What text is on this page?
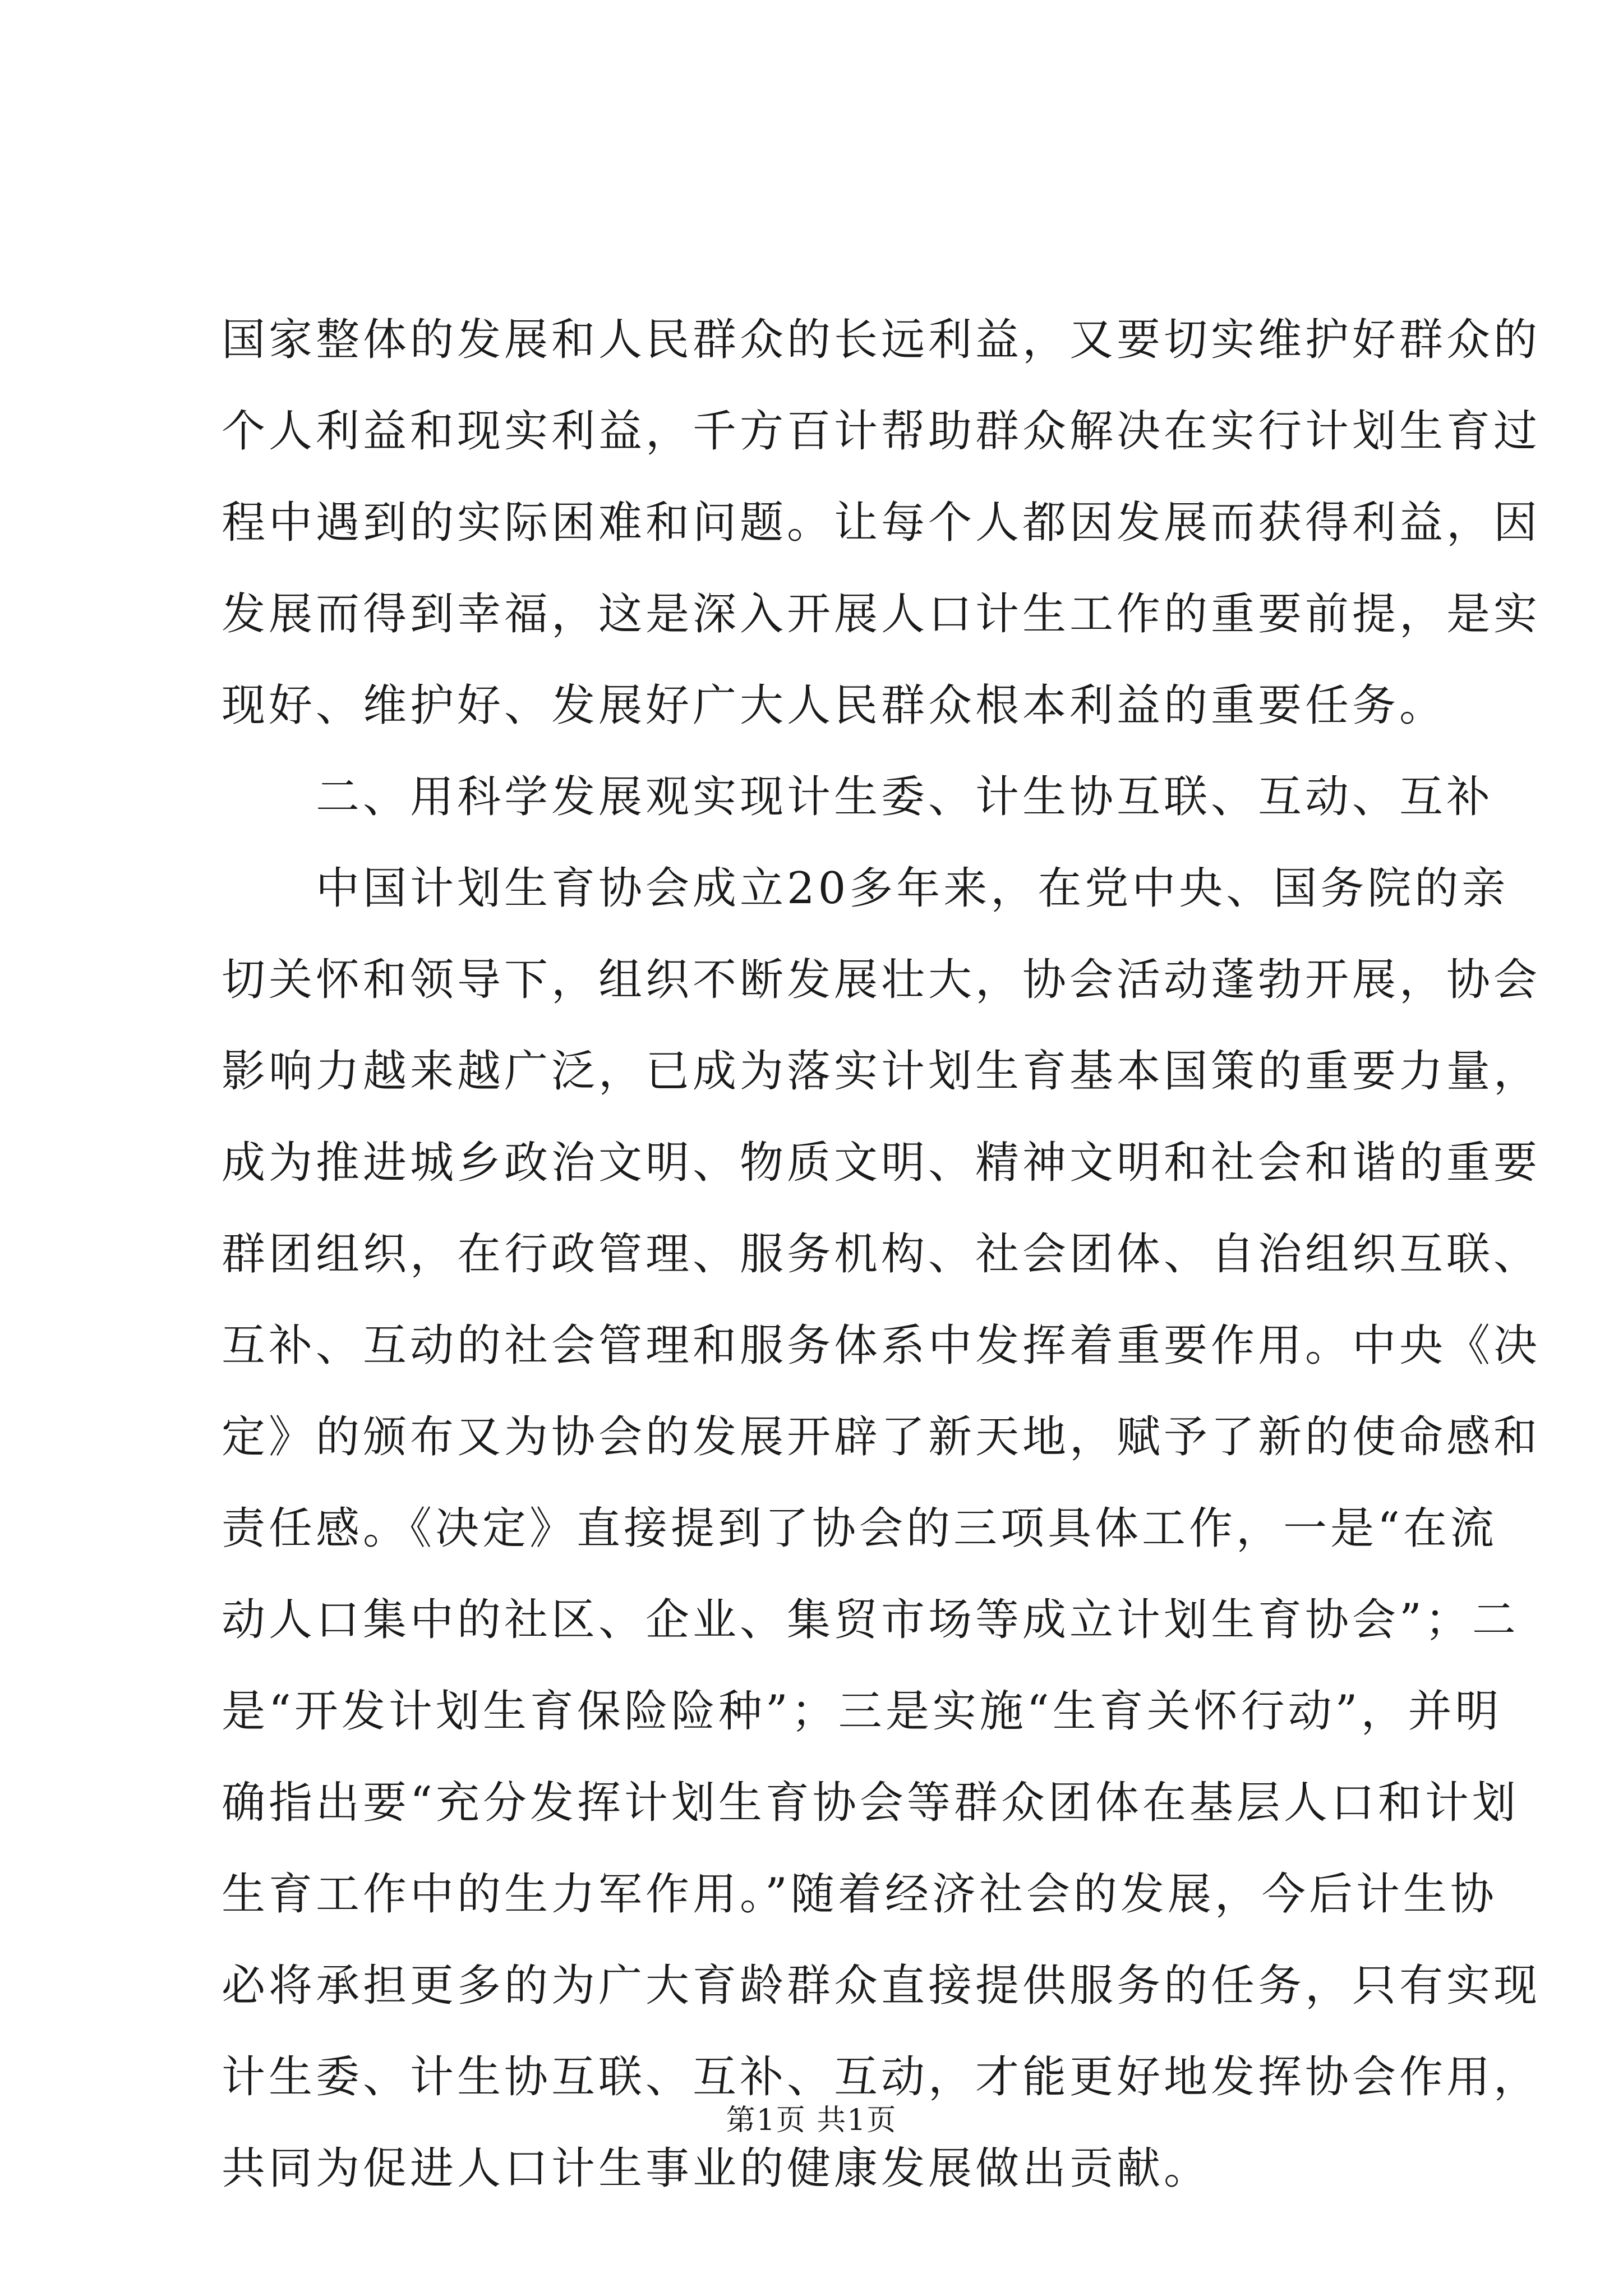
国家整体的发展和人民群众的长远利益，又要切实维护好群众的
个人利益和现实利益，千方百计帮助群众解决在实行计划生育过
程中遇到的实际困难和问题。让每个人都因发展而获得利益，因
发展而得到幸福，这是深入开展人口计生工作的重要前提，是实
现好、维护好、发展好广大人民群众根本利益的重要任务。
　　二、用科学发展观实现计生委、计生协互联、互动、互补
　　中国计划生育协会成立20多年来，在党中央、国务院的亲
切关怀和领导下，组织不断发展壮大，协会活动蓬勃开展，协会
影响力越来越广泛，已成为落实计划生育基本国策的重要力量，
成为推进城乡政治文明、物质文明、精神文明和社会和谐的重要
群团组织，在行政管理、服务机构、社会团体、自治组织互联、
互补、互动的社会管理和服务体系中发挥着重要作用。中央《决
定》的颁布又为协会的发展开辟了新天地，赋予了新的使命感和
责任感。《决定》直接提到了协会的三项具体工作，一是“在流
动人口集中的社区、企业、集贸市场等成立计划生育协会”；二
是“开发计划生育保险险种”；三是实施“生育关怀行动”，并明
确指出要“充分发挥计划生育协会等群众团体在基层人口和计划
生育工作中的生力军作用。”随着经济社会的发展，今后计生协
必将承担更多的为广大育龄群众直接提供服务的任务，只有实现
计生委、计生协互联、互补、互动，才能更好地发挥协会作用，
共同为促进人口计生事业的健康发展做出贡献。
第1页 共1页
